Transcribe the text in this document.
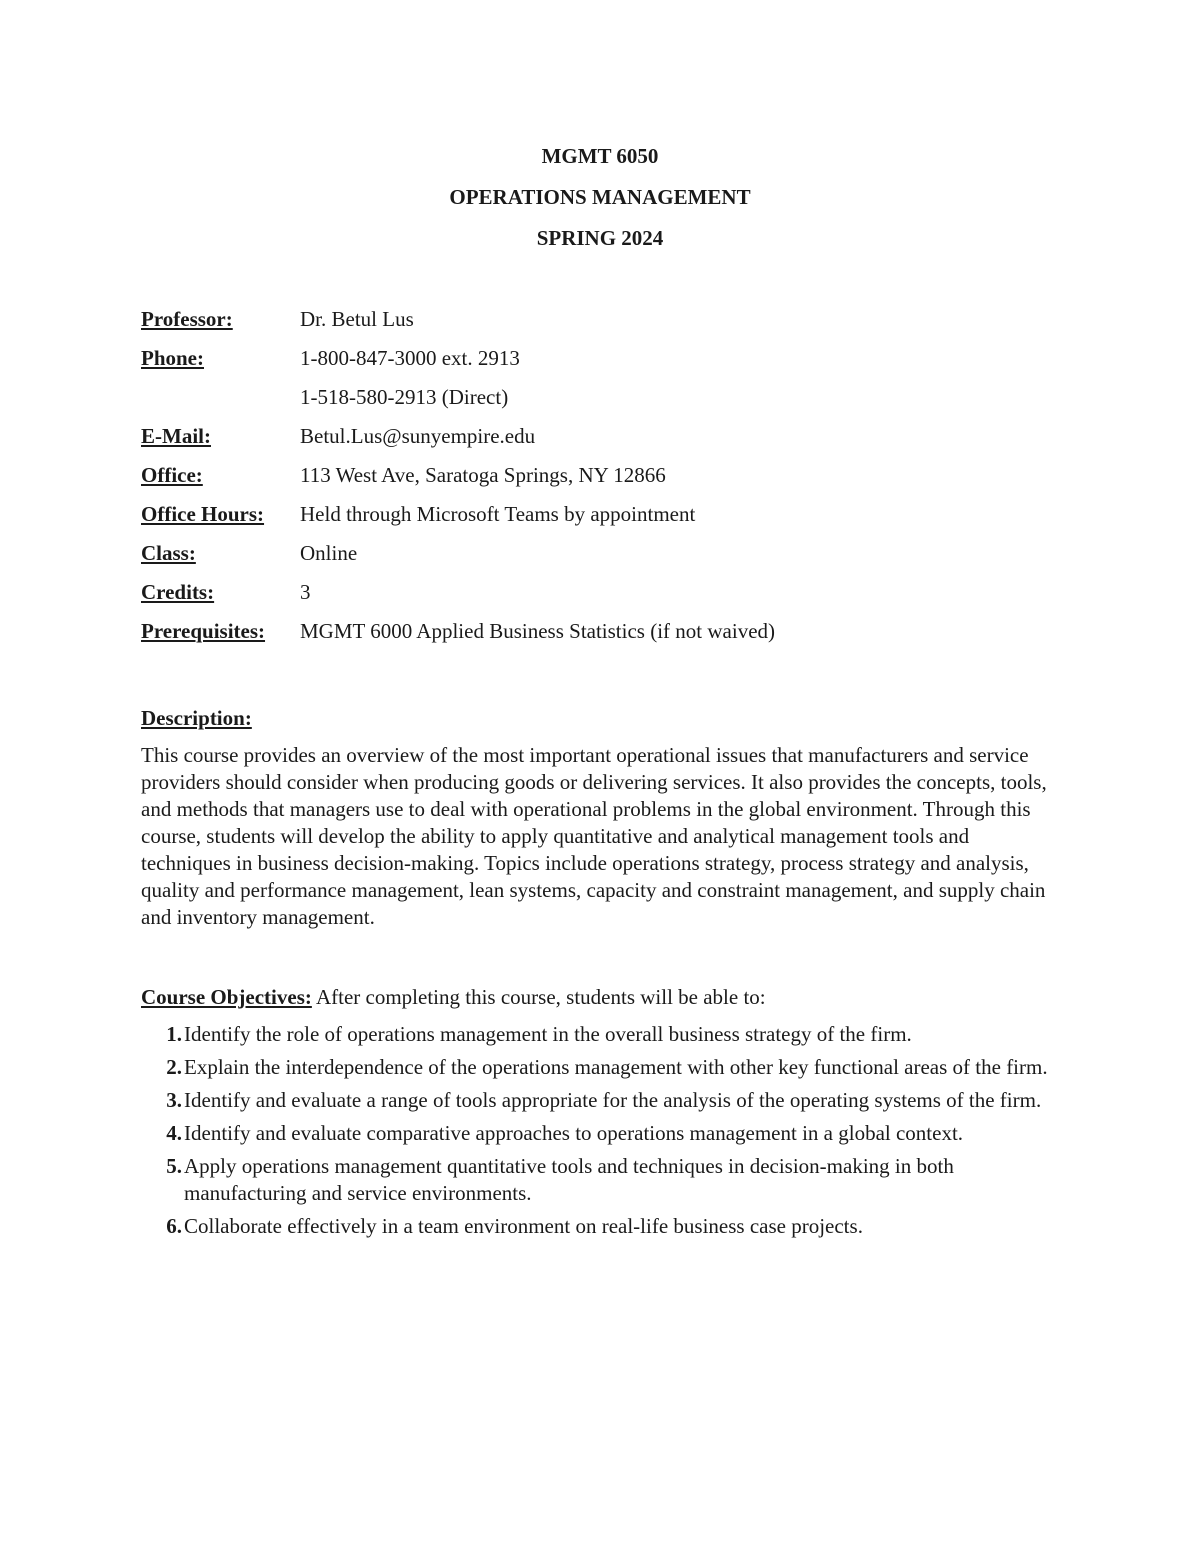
MGMT 6050
OPERATIONS MANAGEMENT
SPRING 2024
Professor:	Dr. Betul Lus
Phone:	1-800-847-3000 ext. 2913
1-518-580-2913 (Direct)
E-Mail:	Betul.Lus@sunyempire.edu
Office:	113 West Ave, Saratoga Springs, NY 12866
Office Hours:	Held through Microsoft Teams by appointment
Class:	Online
Credits:	3
Prerequisites:	MGMT 6000 Applied Business Statistics (if not waived)
Description:

This course provides an overview of the most important operational issues that manufacturers and service providers should consider when producing goods or delivering services. It also provides the concepts, tools, and methods that managers use to deal with operational problems in the global environment. Through this course, students will develop the ability to apply quantitative and analytical management tools and techniques in business decision-making. Topics include operations strategy, process strategy and analysis, quality and performance management, lean systems, capacity and constraint management, and supply chain and inventory management.

Course Objectives: After completing this course, students will be able to:
1. Identify the role of operations management in the overall business strategy of the firm.
2. Explain the interdependence of the operations management with other key functional areas of the firm.
3. Identify and evaluate a range of tools appropriate for the analysis of the operating systems of the firm.
4. Identify and evaluate comparative approaches to operations management in a global context.
5. Apply operations management quantitative tools and techniques in decision-making in both manufacturing and service environments.
6. Collaborate effectively in a team environment on real-life business case projects.
